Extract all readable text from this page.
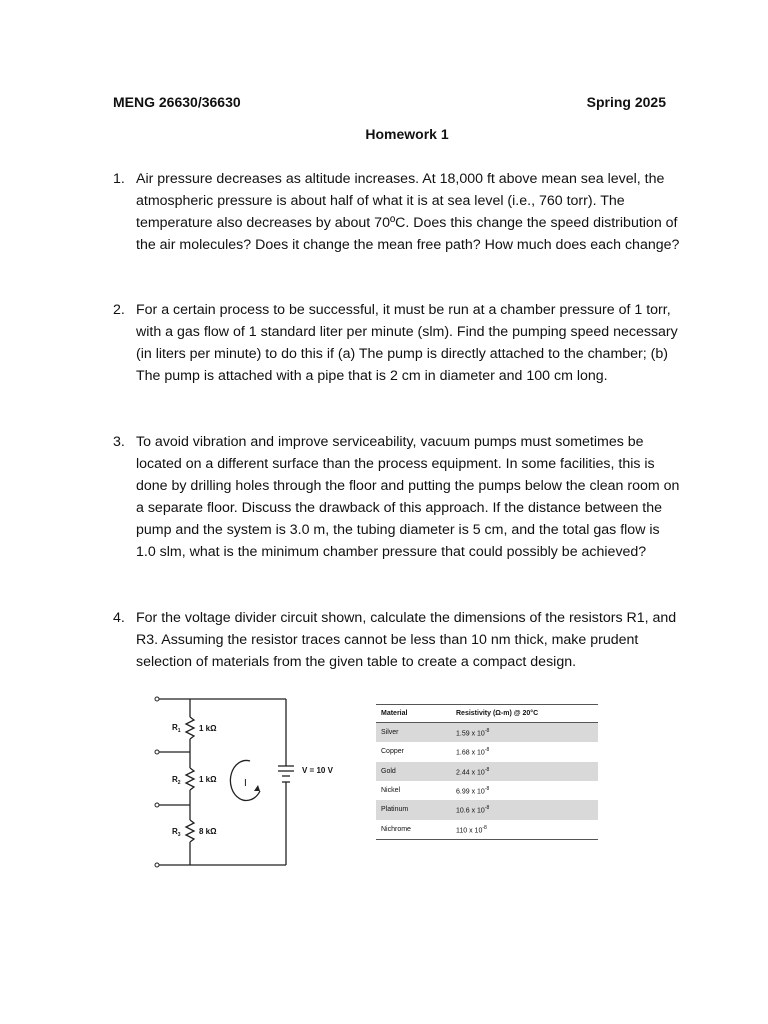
MENG 26630/36630	Spring 2025
Homework 1
1. Air pressure decreases as altitude increases. At 18,000 ft above mean sea level, the atmospheric pressure is about half of what it is at sea level (i.e., 760 torr). The temperature also decreases by about 70ºC. Does this change the speed distribution of the air molecules? Does it change the mean free path? How much does each change?
2. For a certain process to be successful, it must be run at a chamber pressure of 1 torr, with a gas flow of 1 standard liter per minute (slm). Find the pumping speed necessary (in liters per minute) to do this if (a) The pump is directly attached to the chamber; (b) The pump is attached with a pipe that is 2 cm in diameter and 100 cm long.
3. To avoid vibration and improve serviceability, vacuum pumps must sometimes be located on a different surface than the process equipment. In some facilities, this is done by drilling holes through the floor and putting the pumps below the clean room on a separate floor. Discuss the drawback of this approach. If the distance between the pump and the system is 3.0 m, the tubing diameter is 5 cm, and the total gas flow is 1.0 slm, what is the minimum chamber pressure that could possibly be achieved?
4. For the voltage divider circuit shown, calculate the dimensions of the resistors R1, and R3. Assuming the resistor traces cannot be less than 10 nm thick, make prudent selection of materials from the given table to create a compact design.
$R_1$ 1 kΩ
$R_2$ 1 kΩ
$R_3$ 8 kΩ
V = 10 V
I
Material	Resistivity (Ω-m) @ 20°C
Silver	1.59 x $10^{-8}$
Copper	1.68 x $10^{-8}$
Gold	2.44 x $10^{-8}$
Nickel	6.99 x $10^{-8}$
Platinum	10.6 x $10^{-8}$
Nichrome	110 x $10^{-8}$
